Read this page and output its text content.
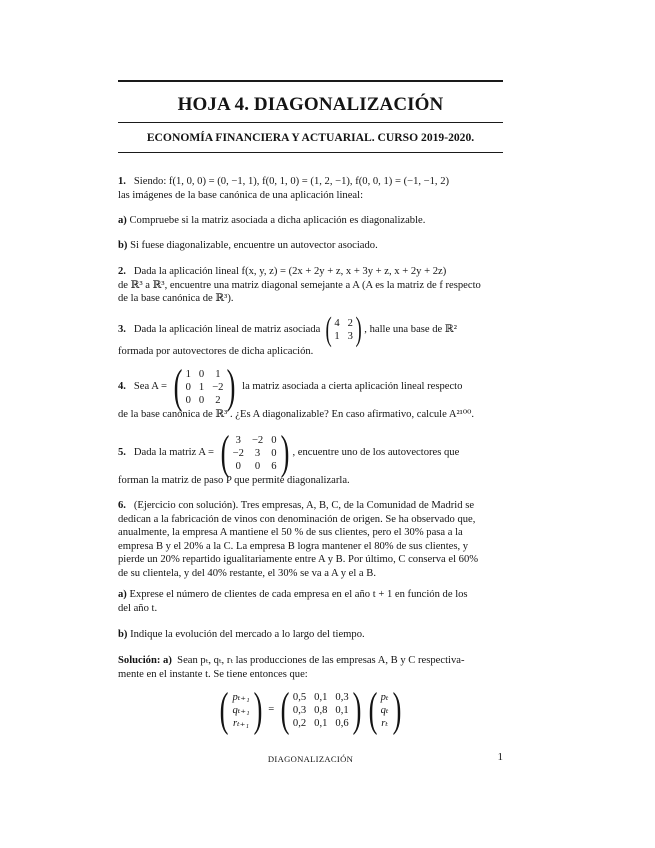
HOJA 4. DIAGONALIZACIÓN
ECONOMÍA FINANCIERA Y ACTUARIAL. CURSO 2019-2020.
1. Siendo: f(1, 0, 0) = (0, −1, 1), f(0, 1, 0) = (1, 2, −1), f(0, 0, 1) = (−1, −1, 2)
las imágenes de la base canónica de una aplicación lineal:
a) Compruebe si la matriz asociada a dicha aplicación es diagonalizable.
b) Si fuese diagonalizable, encuentre un autovector asociado.
2. Dada la aplicación lineal f(x, y, z) = (2x + 2y + z, x + 3y + z, x + 2y + 2z)
de ℝ³ a ℝ³, encuentre una matriz diagonal semejante a A (A es la matriz de f respecto
de la base canónica de ℝ³).
3.
Dada la aplicación lineal de matriz asociada
( 4 2
1 3 ) , halle una base de ℝ²
formada por autovectores de dicha aplicación.
4.
Sea A =
( 1 0 1
0 1 −2
0 0 2 )
la matriz asociada a cierta aplicación lineal respecto
de la base canónica de ℝ³ . ¿Es A diagonalizable? En caso afirmativo, calcule A²¹⁰⁰.
5.
Dada la matriz A =
( 3 −2 0
−2 3 0
0 0 6 ) , encuentre uno de los autovectores que
forman la matriz de paso P que permite diagonalizarla.
6. (Ejercicio con solución). Tres empresas, A, B, C, de la Comunidad de Madrid se
dedican a la fabricación de vinos con denominación de origen. Se ha observado que,
anualmente, la empresa A mantiene el 50 % de sus clientes, pero el 30% pasa a la
empresa B y el 20% a la C. La empresa B logra mantener el 80% de sus clientes, y
pierde un 20% repartido igualitariamente entre A y B. Por último, C conserva el 60%
de su clientela, y del 40% restante, el 30% se va a A y el a B.
a) Exprese el número de clientes de cada empresa en el año t + 1 en función de los
del año t.
b) Indique la evolución del mercado a lo largo del tiempo.
Solución: a) Sean pₜ, qₜ, rₜ las producciones de las empresas A, B y C respectiva-
mente en el instante t. Se tiene entonces que:
( pₜ₊₁
qₜ₊₁
rₜ₊₁ )
=
( 0,5 0,1 0,3
0,3 0,8 0,1
0,2 0,1 0,6 ) ( pₜ
qₜ
rₜ )
DIAGONALIZACIÓN	1
